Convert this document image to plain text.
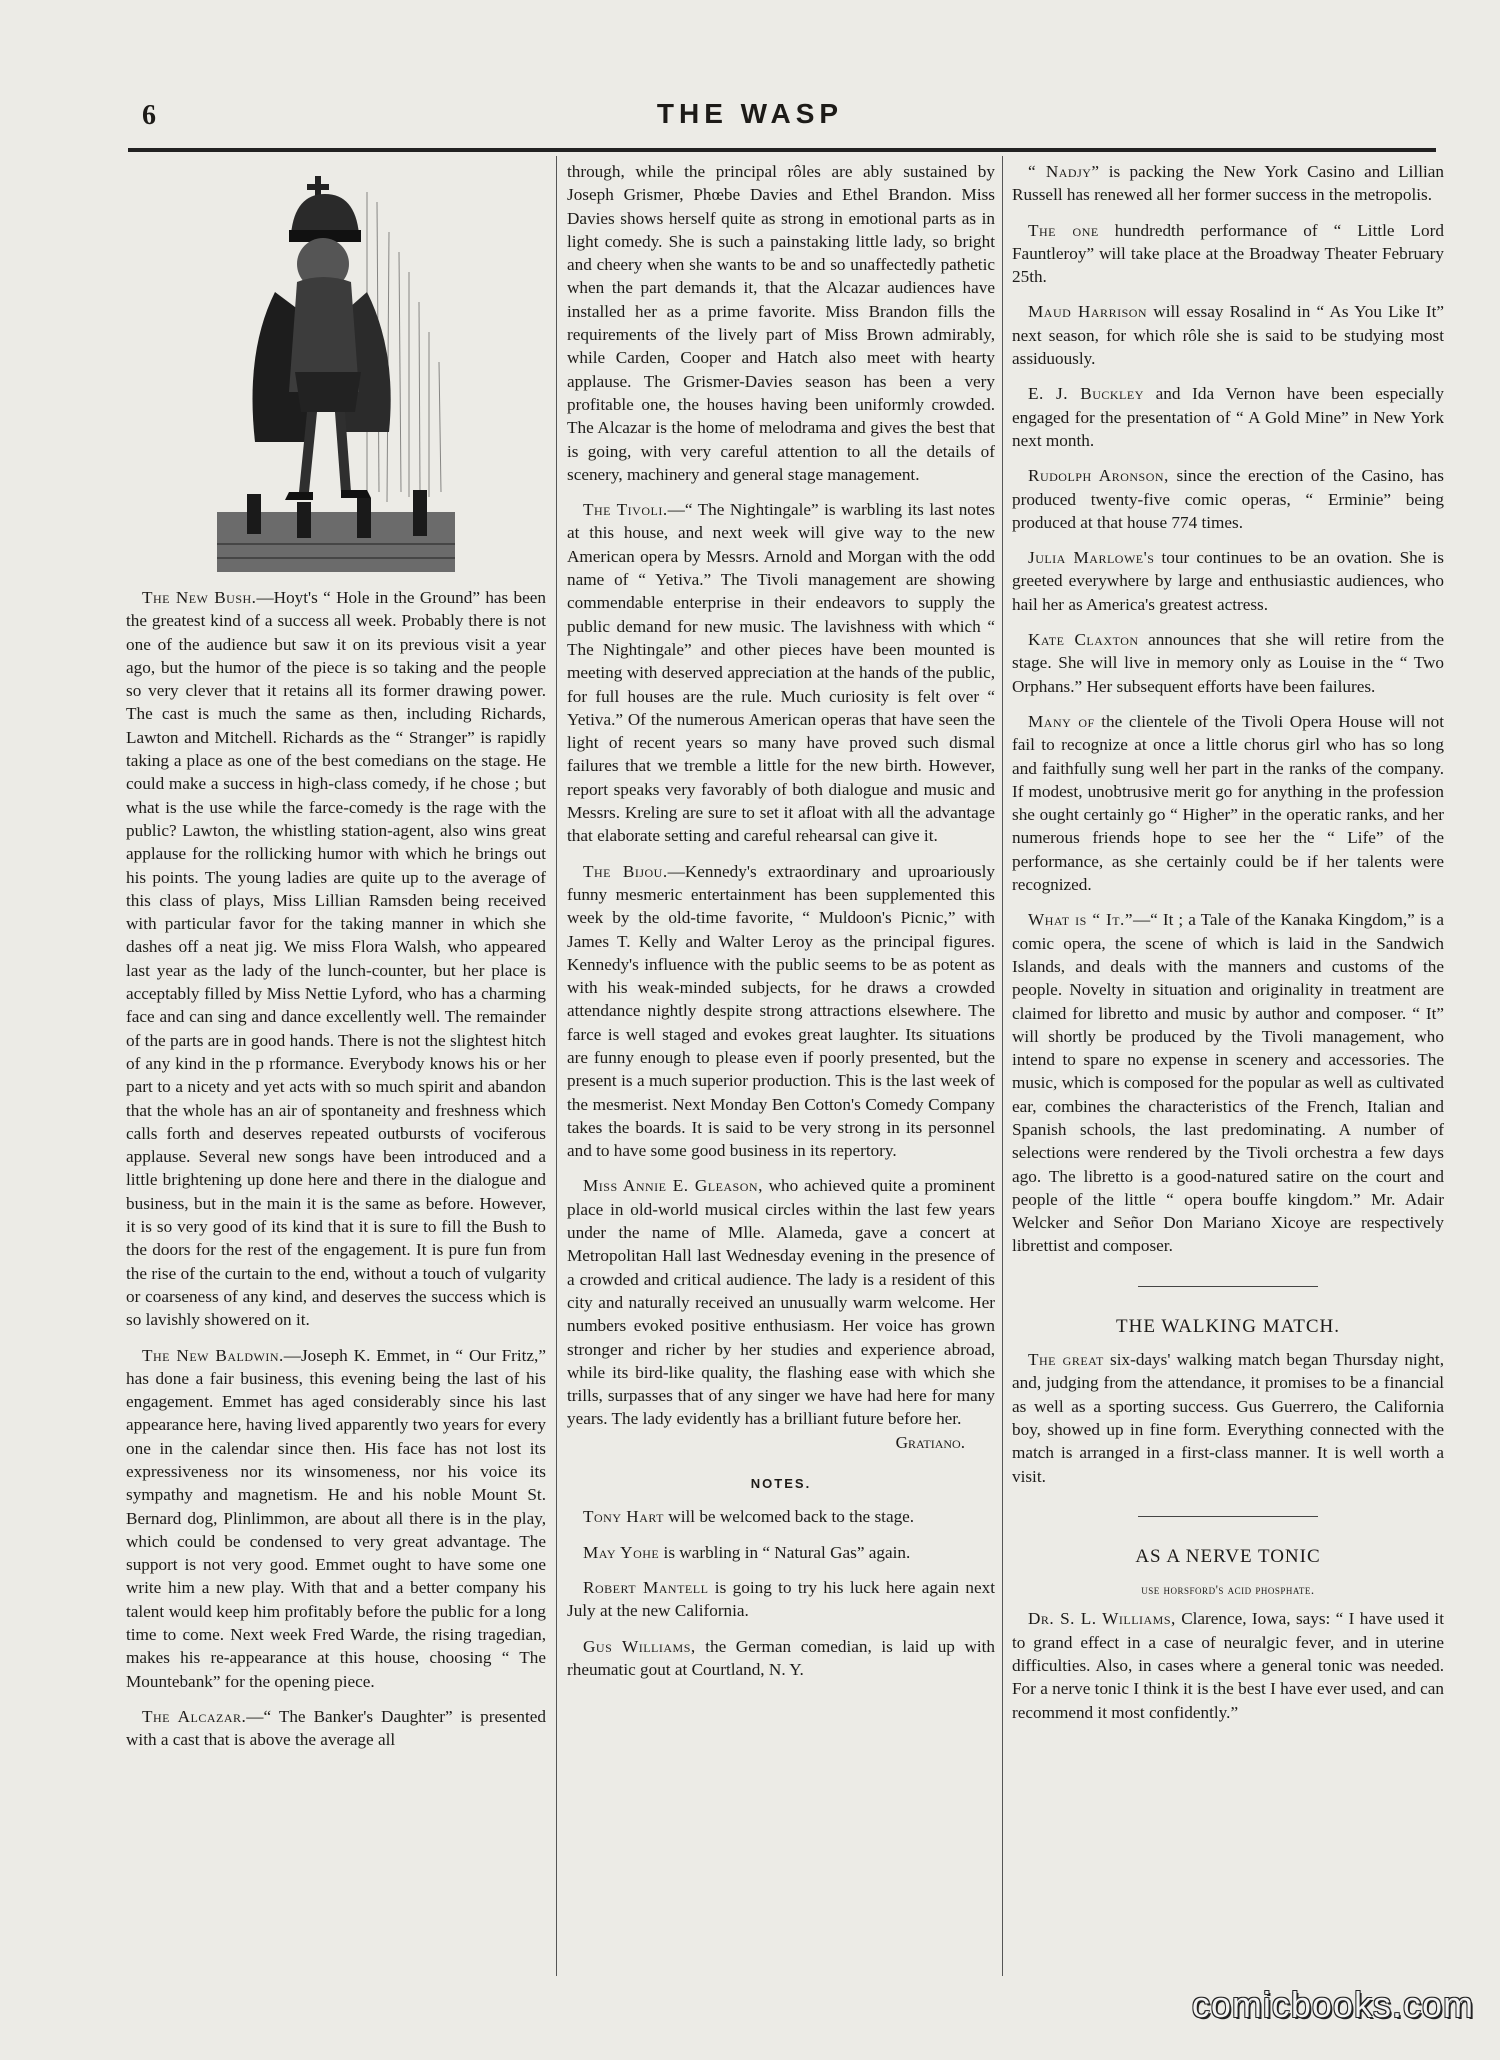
6	THE WASP

The New Bush.—Hoyt's “ Hole in the Ground” has been the greatest kind of a success all week. Probably there is not one of the audience but saw it on its previous visit a year ago, but the humor of the piece is so taking and the people so very clever that it retains all its former drawing power. The cast is much the same as then, including Richards, Lawton and Mitchell. Richards as the “ Stranger” is rapidly taking a place as one of the best comedians on the stage. He could make a success in high-class comedy, if he chose ; but what is the use while the farce-comedy is the rage with the public? Lawton, the whistling station-agent, also wins great applause for the rollicking humor with which he brings out his points. The young ladies are quite up to the average of this class of plays, Miss Lillian Ramsden being received with particular favor for the taking manner in which she dashes off a neat jig. We miss Flora Walsh, who appeared last year as the lady of the lunch-counter, but her place is acceptably filled by Miss Nettie Lyford, who has a charming face and can sing and dance excellently well. The remainder of the parts are in good hands. There is not the slightest hitch of any kind in the p rformance. Everybody knows his or her part to a nicety and yet acts with so much spirit and abandon that the whole has an air of spontaneity and freshness which calls forth and deserves repeated outbursts of vociferous applause. Several new songs have been introduced and a little brightening up done here and there in the dialogue and business, but in the main it is the same as before. However, it is so very good of its kind that it is sure to fill the Bush to the doors for the rest of the engagement. It is pure fun from the rise of the curtain to the end, without a touch of vulgarity or coarseness of any kind, and deserves the success which is so lavishly showered on it.

The New Baldwin.—Joseph K. Emmet, in “ Our Fritz,” has done a fair business, this evening being the last of his engagement. Emmet has aged considerably since his last appearance here, having lived apparently two years for every one in the calendar since then. His face has not lost its expressiveness nor its winsomeness, nor his voice its sympathy and magnetism. He and his noble Mount St. Bernard dog, Plinlimmon, are about all there is in the play, which could be condensed to very great advantage. The support is not very good. Emmet ought to have some one write him a new play. With that and a better company his talent would keep him profitably before the public for a long time to come. Next week Fred Warde, the rising tragedian, makes his re-appearance at this house, choosing “ The Mountebank” for the opening piece.

The Alcazar.—“ The Banker's Daughter” is presented with a cast that is above the average all

through, while the principal rôles are ably sustained by Joseph Grismer, Phœbe Davies and Ethel Brandon. Miss Davies shows herself quite as strong in emotional parts as in light comedy. She is such a painstaking little lady, so bright and cheery when she wants to be and so unaffectedly pathetic when the part demands it, that the Alcazar audiences have installed her as a prime favorite. Miss Brandon fills the requirements of the lively part of Miss Brown admirably, while Carden, Cooper and Hatch also meet with hearty applause. The Grismer-Davies season has been a very profitable one, the houses having been uniformly crowded. The Alcazar is the home of melodrama and gives the best that is going, with very careful attention to all the details of scenery, machinery and general stage management.

The Tivoli.—“ The Nightingale” is warbling its last notes at this house, and next week will give way to the new American opera by Messrs. Arnold and Morgan with the odd name of “ Yetiva.” The Tivoli management are showing commendable enterprise in their endeavors to supply the public demand for new music. The lavishness with which “ The Nightingale” and other pieces have been mounted is meeting with deserved appreciation at the hands of the public, for full houses are the rule. Much curiosity is felt over “ Yetiva.” Of the numerous American operas that have seen the light of recent years so many have proved such dismal failures that we tremble a little for the new birth. However, report speaks very favorably of both dialogue and music and Messrs. Kreling are sure to set it afloat with all the advantage that elaborate setting and careful rehearsal can give it.

The Bijou.—Kennedy's extraordinary and uproariously funny mesmeric entertainment has been supplemented this week by the old-time favorite, “ Muldoon's Picnic,” with James T. Kelly and Walter Leroy as the principal figures. Kennedy's influence with the public seems to be as potent as with his weak-minded subjects, for he draws a crowded attendance nightly despite strong attractions elsewhere. The farce is well staged and evokes great laughter. Its situations are funny enough to please even if poorly presented, but the present is a much superior production. This is the last week of the mesmerist. Next Monday Ben Cotton's Comedy Company takes the boards. It is said to be very strong in its personnel and to have some good business in its repertory.

Miss Annie E. Gleason, who achieved quite a prominent place in old-world musical circles within the last few years under the name of Mlle. Alameda, gave a concert at Metropolitan Hall last Wednesday evening in the presence of a crowded and critical audience. The lady is a resident of this city and naturally received an unusually warm welcome. Her numbers evoked positive enthusiasm. Her voice has grown stronger and richer by her studies and experience abroad, while its bird-like quality, the flashing ease with which she trills, surpasses that of any singer we have had here for many years. The lady evidently has a brilliant future before her.

Gratiano.
NOTES.

Tony Hart will be welcomed back to the stage.

May Yohe is warbling in “ Natural Gas” again.

Robert Mantell is going to try his luck here again next July at the new California.

Gus Williams, the German comedian, is laid up with rheumatic gout at Courtland, N. Y.

“ Nadjy” is packing the New York Casino and Lillian Russell has renewed all her former success in the metropolis.

The one hundredth performance of “ Little Lord Fauntleroy” will take place at the Broadway Theater February 25th.

Maud Harrison will essay Rosalind in “ As You Like It” next season, for which rôle she is said to be studying most assiduously.

E. J. Buckley and Ida Vernon have been especially engaged for the presentation of “ A Gold Mine” in New York next month.

Rudolph Aronson, since the erection of the Casino, has produced twenty-five comic operas, “ Erminie” being produced at that house 774 times.

Julia Marlowe's tour continues to be an ovation. She is greeted everywhere by large and enthusiastic audiences, who hail her as America's greatest actress.

Kate Claxton announces that she will retire from the stage. She will live in memory only as Louise in the “ Two Orphans.” Her subsequent efforts have been failures.

Many of the clientele of the Tivoli Opera House will not fail to recognize at once a little chorus girl who has so long and faithfully sung well her part in the ranks of the company. If modest, unobtrusive merit go for anything in the profession she ought certainly go “ Higher” in the operatic ranks, and her numerous friends hope to see her the “ Life” of the performance, as she certainly could be if her talents were recognized.

What is “ It.”—“ It ; a Tale of the Kanaka Kingdom,” is a comic opera, the scene of which is laid in the Sandwich Islands, and deals with the manners and customs of the people. Novelty in situation and originality in treatment are claimed for libretto and music by author and composer. “ It” will shortly be produced by the Tivoli management, who intend to spare no expense in scenery and accessories. The music, which is composed for the popular as well as cultivated ear, combines the characteristics of the French, Italian and Spanish schools, the last predominating. A number of selections were rendered by the Tivoli orchestra a few days ago. The libretto is a good-natured satire on the court and people of the little “ opera bouffe kingdom.” Mr. Adair Welcker and Señor Don Mariano Xicoye are respectively librettist and composer.

THE WALKING MATCH.

The great six-days' walking match began Thursday night, and, judging from the attendance, it promises to be a financial as well as a sporting success. Gus Guerrero, the California boy, showed up in fine form. Everything connected with the match is arranged in a first-class manner. It is well worth a visit.

AS A NERVE TONIC
use horsford's acid phosphate.

Dr. S. L. Williams, Clarence, Iowa, says: “ I have used it to grand effect in a case of neuralgic fever, and in uterine difficulties. Also, in cases where a general tonic was needed. For a nerve tonic I think it is the best I have ever used, and can recommend it most confidently.”

comicbooks.com
